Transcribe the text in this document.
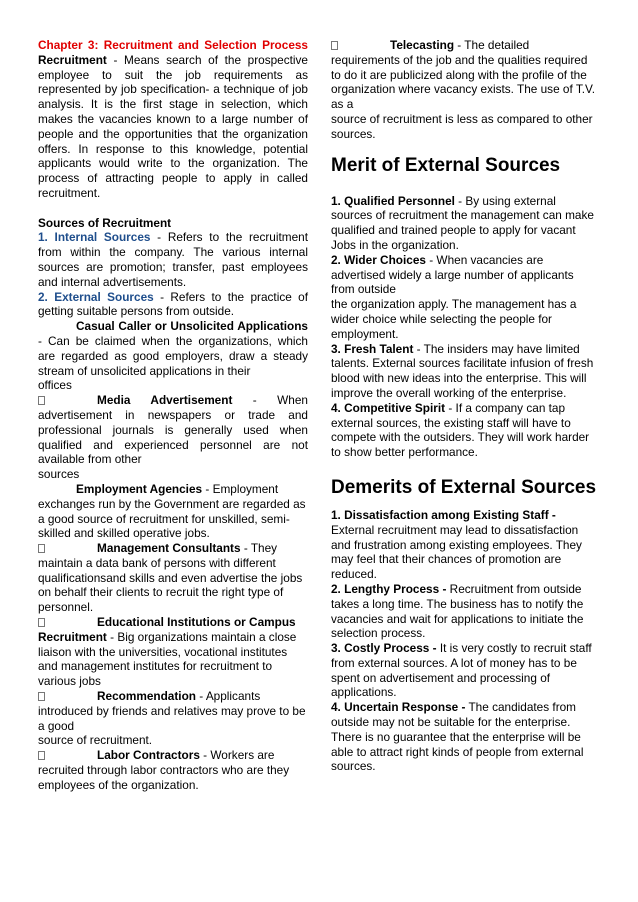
Chapter 3: Recruitment and Selection Process

Recruitment - Means search of the prospective employee to suit the job requirements as represented by job specification- a technique of job analysis. It is the first stage in selection, which makes the vacancies known to a large number of people and the opportunities that the organization offers. In response to this knowledge, potential applicants would write to the organization. The process of attracting people to apply in called recruitment.

Sources of Recruitment

1. Internal Sources - Refers to the recruitment from within the company. The various internal sources are promotion; transfer, past employees and internal advertisements.

2. External Sources - Refers to the practice of getting suitable persons from outside.

Casual Caller or Unsolicited Applications - Can be claimed when the organizations, which are regarded as good employers, draw a steady stream of unsolicited applications in their

offices

Media Advertisement - When advertisement in newspapers or trade and professional journals is generally used when qualified and experienced personnel are not available from other

sources

Employment Agencies - Employment exchanges run by the Government are regarded as a good source of recruitment for unskilled, semi-skilled and skilled operative jobs.

Management Consultants - They maintain a data bank of persons with different qualificationsand skills and even advertise the jobs on behalf their clients to recruit the right type of personnel.

Educational Institutions or Campus Recruitment - Big organizations maintain a close liaison with the universities, vocational institutes and management institutes for recruitment to various jobs

Recommendation - Applicants introduced by friends and relatives may prove to be a good

source of recruitment.

Labor Contractors - Workers are recruited through labor contractors who are they employees of the organization.

Telecasting - The detailed requirements of the job and the qualities required to do it are publicized along with the profile of the organization where vacancy exists. The use of T.V. as a

source of recruitment is less as compared to other sources.

Merit of External Sources

1. Qualified Personnel - By using external sources of recruitment the management can make

qualified and trained people to apply for vacant Jobs in the organization.

2. Wider Choices - When vacancies are advertised widely a large number of applicants from outside

the organization apply. The management has a wider choice while selecting the people for employment.

3. Fresh Talent - The insiders may have limited talents. External sources facilitate infusion of fresh

blood with new ideas into the enterprise. This will improve the overall working of the enterprise.

4. Competitive Spirit - If a company can tap external sources, the existing staff will have to compete with the outsiders. They will work harder to show better performance.

Demerits of External Sources

1. Dissatisfaction among Existing Staff - External recruitment may lead to dissatisfaction and frustration among existing employees. They may feel that their chances of promotion are reduced.

2. Lengthy Process - Recruitment from outside takes a long time. The business has to notify the vacancies and wait for applications to initiate the selection process.

3. Costly Process - It is very costly to recruit staff from external sources. A lot of money has to be spent on advertisement and processing of applications.

4. Uncertain Response - The candidates from outside may not be suitable for the enterprise. There is no guarantee that the enterprise will be able to attract right kinds of people from external sources.
